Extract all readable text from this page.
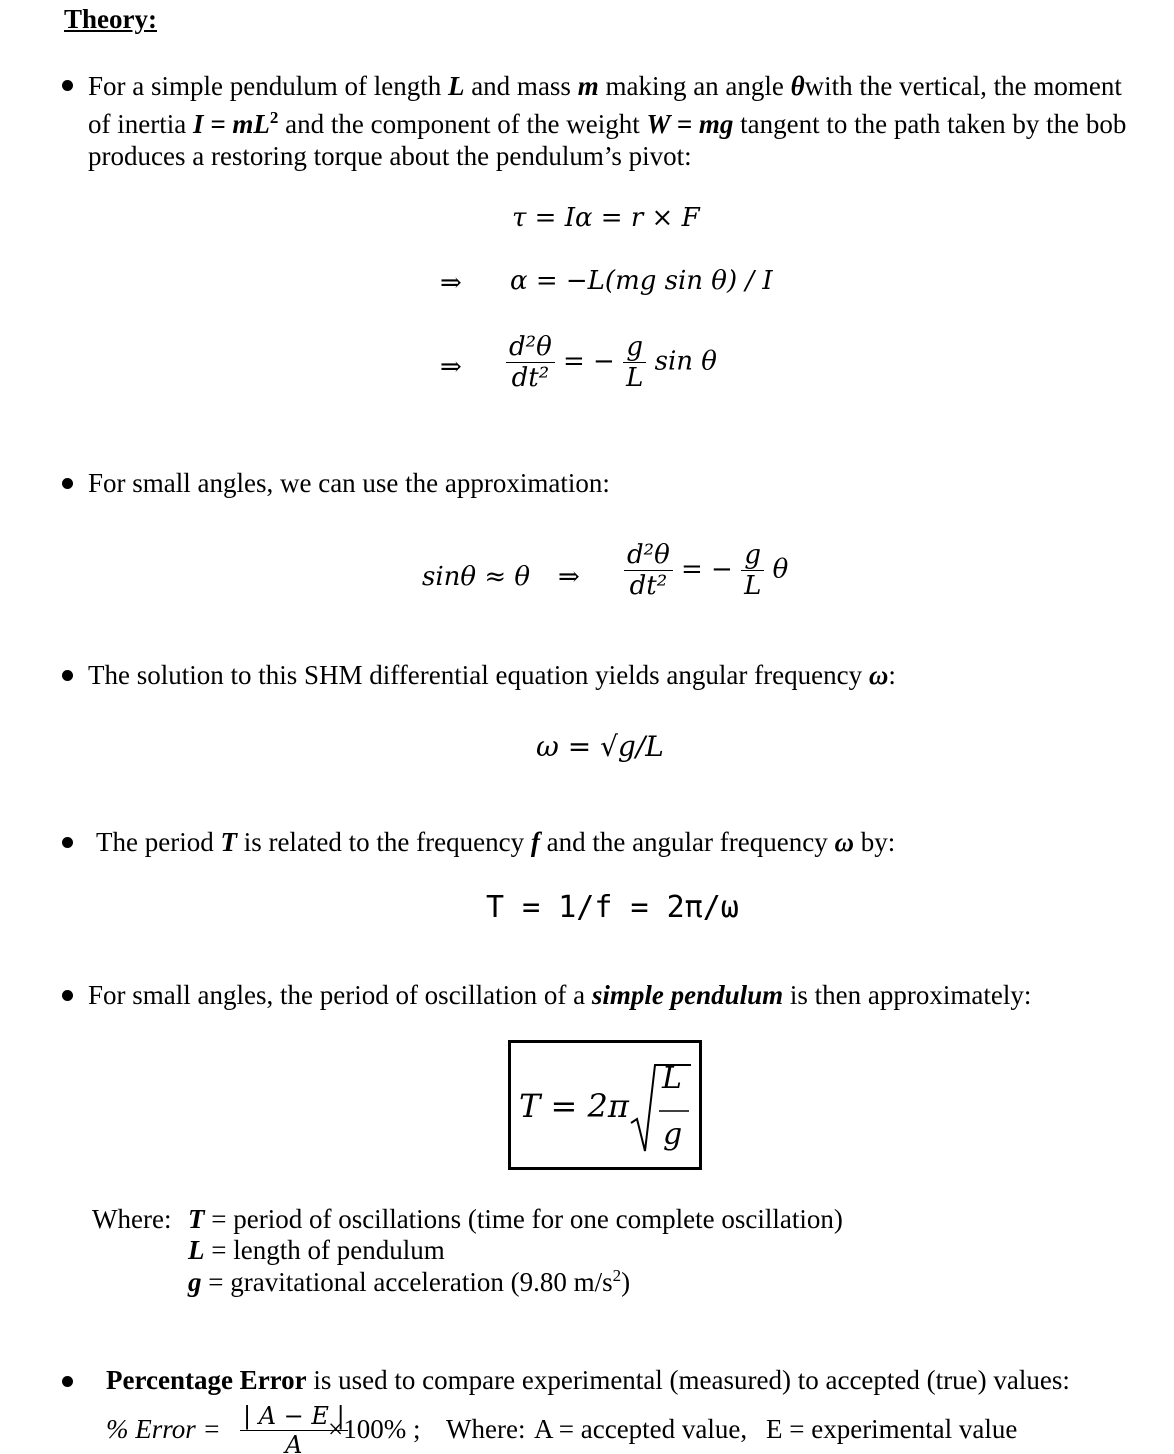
Theory:
For a simple pendulum of length L and mass m making an angle θwith the vertical, the moment
of inertia $I = mL^2$ and the component of the weight W = mg tangent to the path taken by the bob
produces a restoring torque about the pendulum’s pivot:
τ = Iα = r × F
⇒ α = −L(mg sin θ) / I
⇒ $\frac{\text{d²θ}}{\text{dt²}}$ = − $\frac{g}{L}$ sin θ
For small angles, we can use the approximation:
sinθ ≈ θ ⇒ $\frac{\text{d²θ}}{\text{dt²}}$ = − $\frac{g}{L}$ θ
The solution to this SHM differential equation yields angular frequency ω:
ω = √g/L
The period T is related to the frequency f and the angular frequency ω by:
T = 1/f = 2π/ω
For small angles, the period of oscillation of a simple pendulum is then approximately:
T = 2π
L
g
Where: T = period of oscillations (time for one complete oscillation)
L = length of pendulum
g = gravitational acceleration (9.80 $m/s^2$)
Percentage Error is used to compare experimental (measured) to accepted (true) values:
% Error = $\frac{| A - E |}{A}$
×100% ; Where: A = accepted value, E = experimental value
